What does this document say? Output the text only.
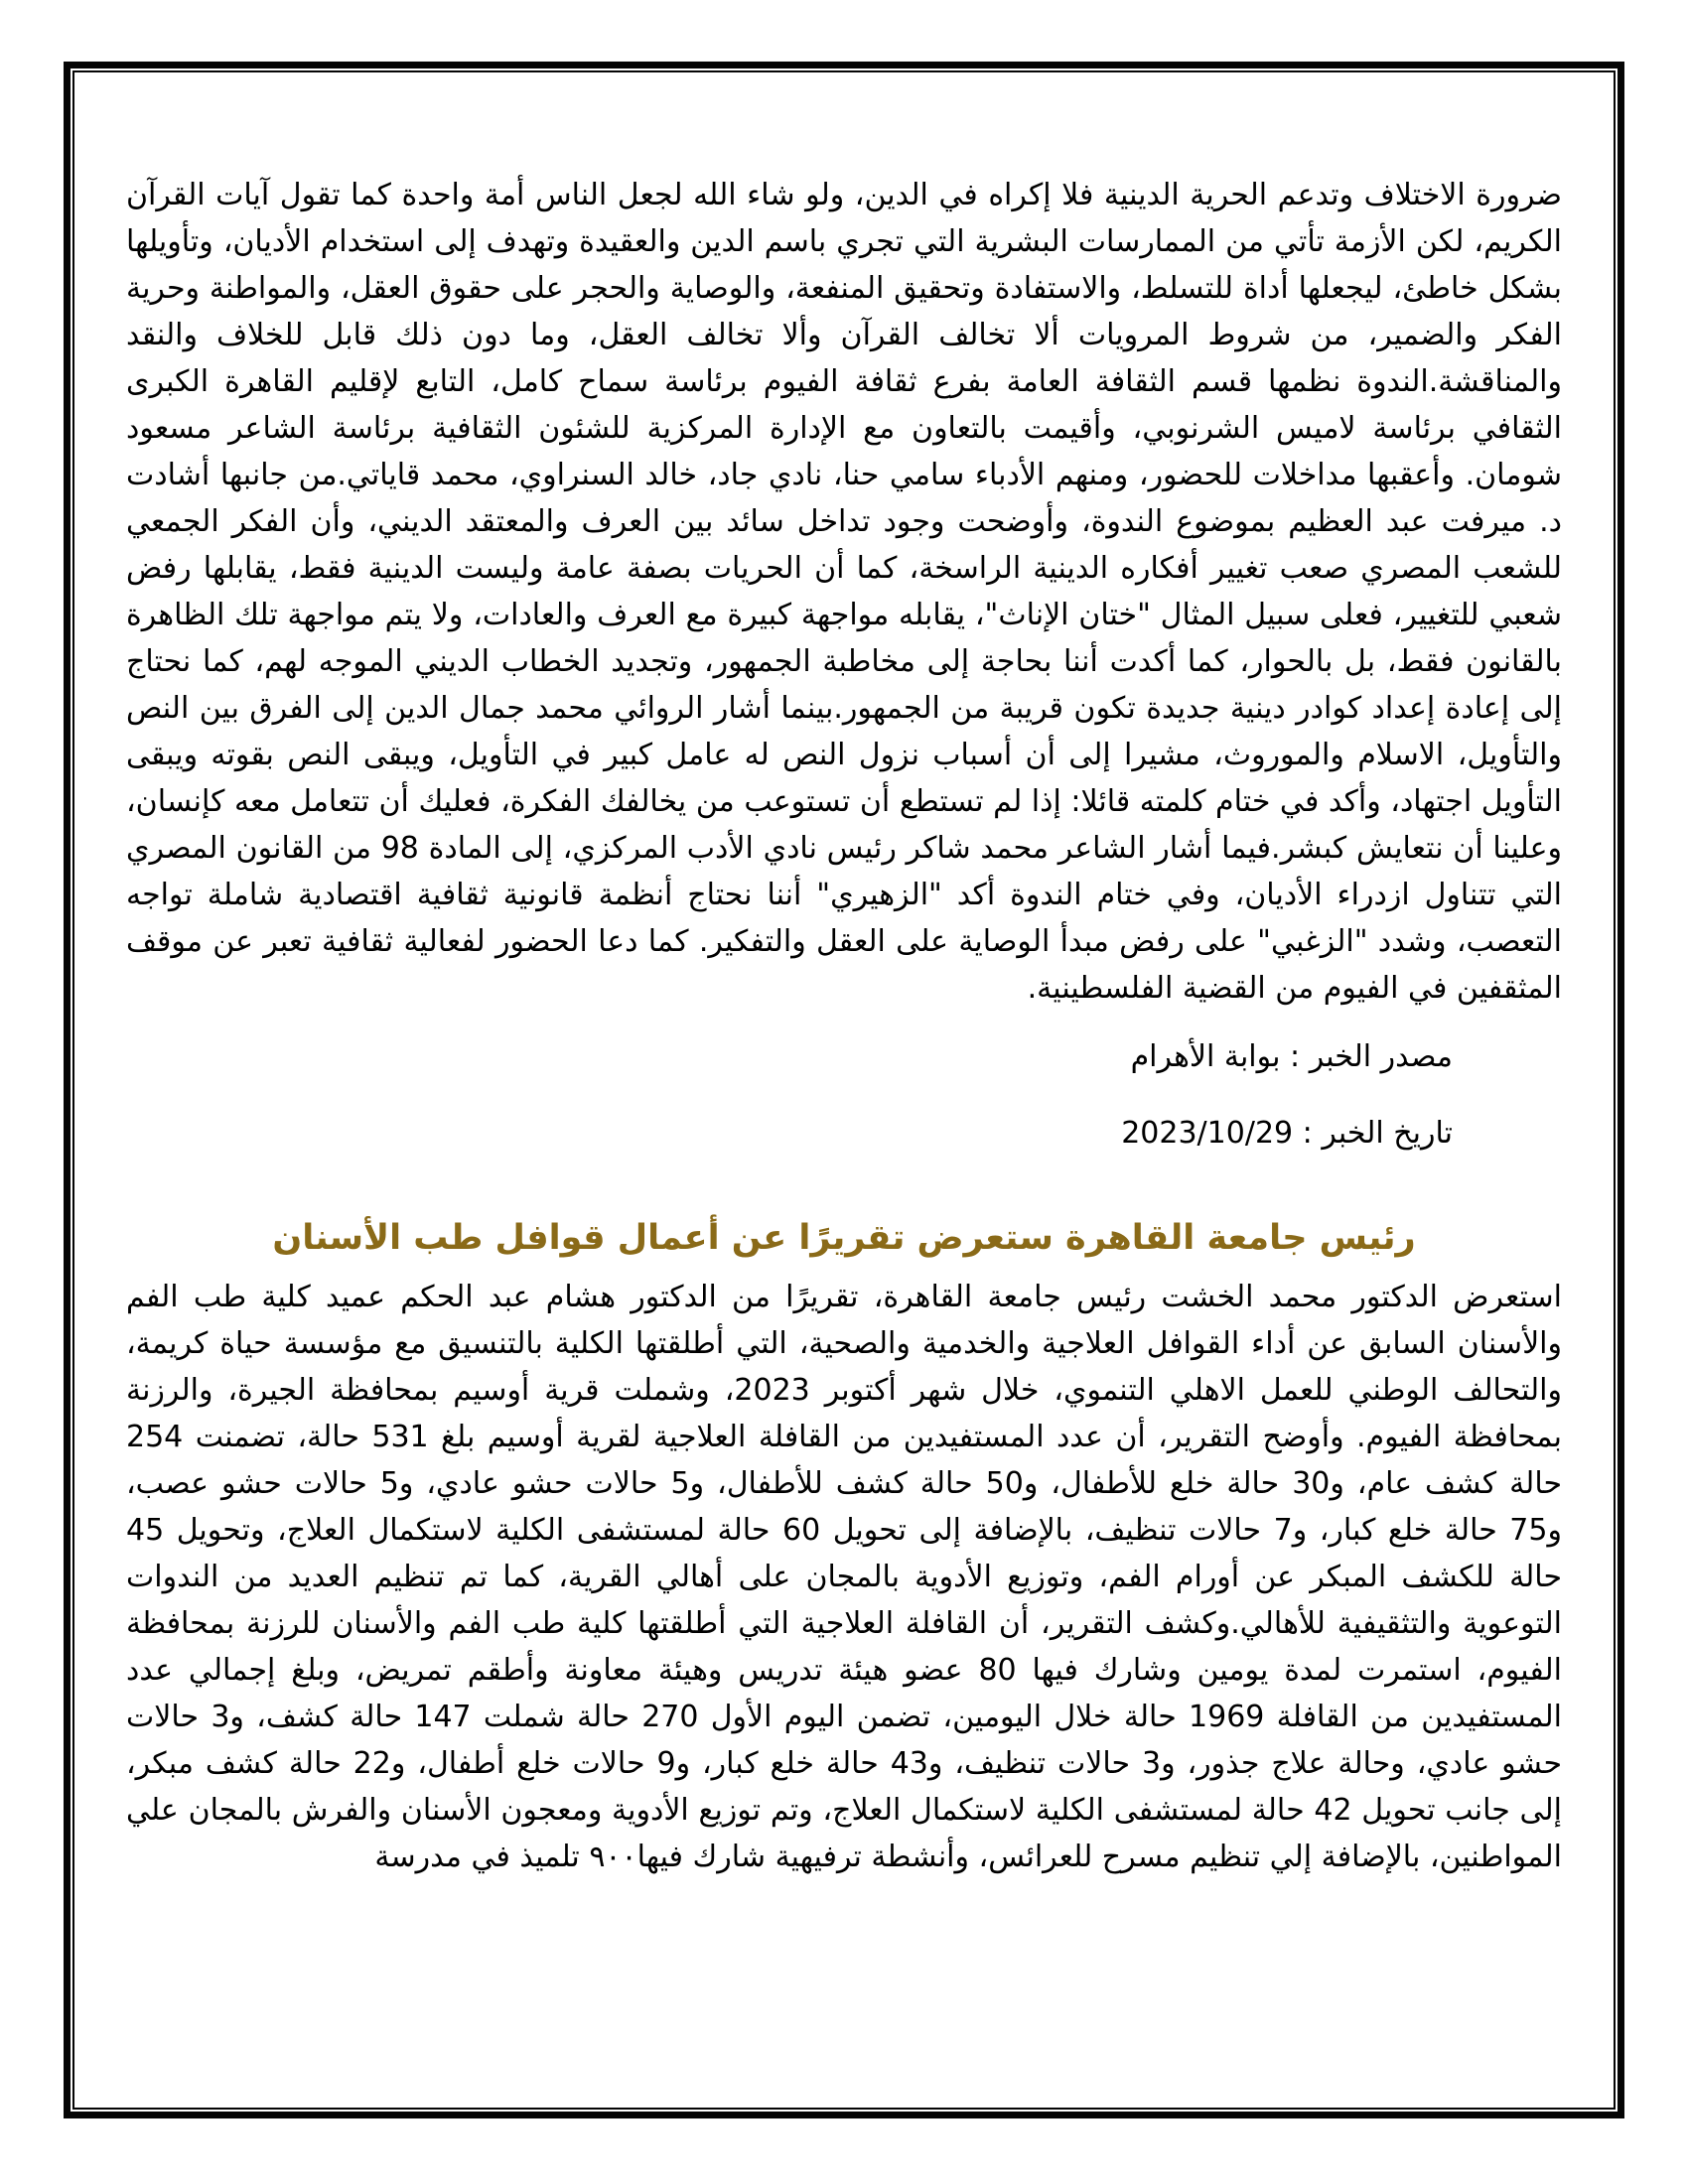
ضرورة الاختلاف وتدعم الحرية الدينية فلا إكراه في الدين، ولو شاء الله لجعل الناس أمة واحدة كما تقول آيات القرآن الكريم، لكن الأزمة تأتي من الممارسات البشرية التي تجري باسم الدين والعقيدة وتهدف إلى استخدام الأديان، وتأويلها بشكل خاطئ، ليجعلها أداة للتسلط، والاستفادة وتحقيق المنفعة، والوصاية والحجر على حقوق العقل، والمواطنة وحرية الفكر والضمير، من شروط المرويات ألا تخالف القرآن وألا تخالف العقل، وما دون ذلك قابل للخلاف والنقد والمناقشة.الندوة نظمها قسم الثقافة العامة بفرع ثقافة الفيوم برئاسة سماح كامل، التابع لإقليم القاهرة الكبرى الثقافي برئاسة لاميس الشرنوبي، وأقيمت بالتعاون مع الإدارة المركزية للشئون الثقافية برئاسة الشاعر مسعود شومان. وأعقبها مداخلات للحضور، ومنهم الأدباء سامي حنا، نادي جاد، خالد السنراوي، محمد قاياتي.من جانبها أشادت د. ميرفت عبد العظيم بموضوع الندوة، وأوضحت وجود تداخل سائد بين العرف والمعتقد الديني، وأن الفكر الجمعي للشعب المصري صعب تغيير أفكاره الدينية الراسخة، كما أن الحريات بصفة عامة وليست الدينية فقط، يقابلها رفض شعبي للتغيير، فعلى سبيل المثال "ختان الإناث"، يقابله مواجهة كبيرة مع العرف والعادات، ولا يتم مواجهة تلك الظاهرة بالقانون فقط، بل بالحوار، كما أكدت أننا بحاجة إلى مخاطبة الجمهور، وتجديد الخطاب الديني الموجه لهم، كما نحتاج إلى إعادة إعداد كوادر دينية جديدة تكون قريبة من الجمهور.بينما أشار الروائي محمد جمال الدين إلى الفرق بين النص والتأويل، الاسلام والموروث، مشيرا إلى أن أسباب نزول النص له عامل كبير في التأويل، ويبقى النص بقوته ويبقى التأويل اجتهاد، وأكد في ختام كلمته قائلا: إذا لم تستطع أن تستوعب من يخالفك الفكرة، فعليك أن تتعامل معه كإنسان، وعلينا أن نتعايش كبشر.فيما أشار الشاعر محمد شاكر رئيس نادي الأدب المركزي، إلى المادة 98 من القانون المصري التي تتناول ازدراء الأديان، وفي ختام الندوة أكد "الزهيري" أننا نحتاج أنظمة قانونية ثقافية اقتصادية شاملة تواجه التعصب، وشدد "الزغبي" على رفض مبدأ الوصاية على العقل والتفكير. كما دعا الحضور لفعالية ثقافية تعبر عن موقف المثقفين في الفيوم من القضية الفلسطينية.

مصدر الخبر : بوابة الأهرام

تاريخ الخبر : 2023/10/29

رئيس جامعة القاهرة ستعرض تقريرًا عن أعمال قوافل طب الأسنان

استعرض الدكتور محمد الخشت رئيس جامعة القاهرة، تقريرًا من الدكتور هشام عبد الحكم عميد كلية طب الفم والأسنان السابق عن أداء القوافل العلاجية والخدمية والصحية، التي أطلقتها الكلية بالتنسيق مع مؤسسة حياة كريمة، والتحالف الوطني للعمل الاهلي التنموي، خلال شهر أكتوبر 2023، وشملت قرية أوسيم بمحافظة الجيرة، والرزنة بمحافظة الفيوم. وأوضح التقرير، أن عدد المستفيدين من القافلة العلاجية لقرية أوسيم بلغ 531 حالة، تضمنت 254 حالة كشف عام، و30 حالة خلع للأطفال، و50 حالة كشف للأطفال، و5 حالات حشو عادي، و5 حالات حشو عصب، و75 حالة خلع كبار، و7 حالات تنظيف، بالإضافة إلى تحويل 60 حالة لمستشفى الكلية لاستكمال العلاج، وتحويل 45 حالة للكشف المبكر عن أورام الفم، وتوزيع الأدوية بالمجان على أهالي القرية، كما تم تنظيم العديد من الندوات التوعوية والتثقيفية للأهالي.وكشف التقرير، أن القافلة العلاجية التي أطلقتها كلية طب الفم والأسنان للرزنة بمحافظة الفيوم، استمرت لمدة يومين وشارك فيها 80 عضو هيئة تدريس وهيئة معاونة وأطقم تمريض، وبلغ إجمالي عدد المستفيدين من القافلة 1969 حالة خلال اليومين، تضمن اليوم الأول 270 حالة شملت 147 حالة كشف، و3 حالات حشو عادي، وحالة علاج جذور، و3 حالات تنظيف، و43 حالة خلع كبار، و9 حالات خلع أطفال، و22 حالة كشف مبكر، إلى جانب تحويل 42 حالة لمستشفى الكلية لاستكمال العلاج، وتم توزيع الأدوية ومعجون الأسنان والفرش بالمجان علي المواطنين، بالإضافة إلي تنظيم مسرح للعرائس، وأنشطة ترفيهية شارك فيها٩٠٠ تلميذ في مدرسة
